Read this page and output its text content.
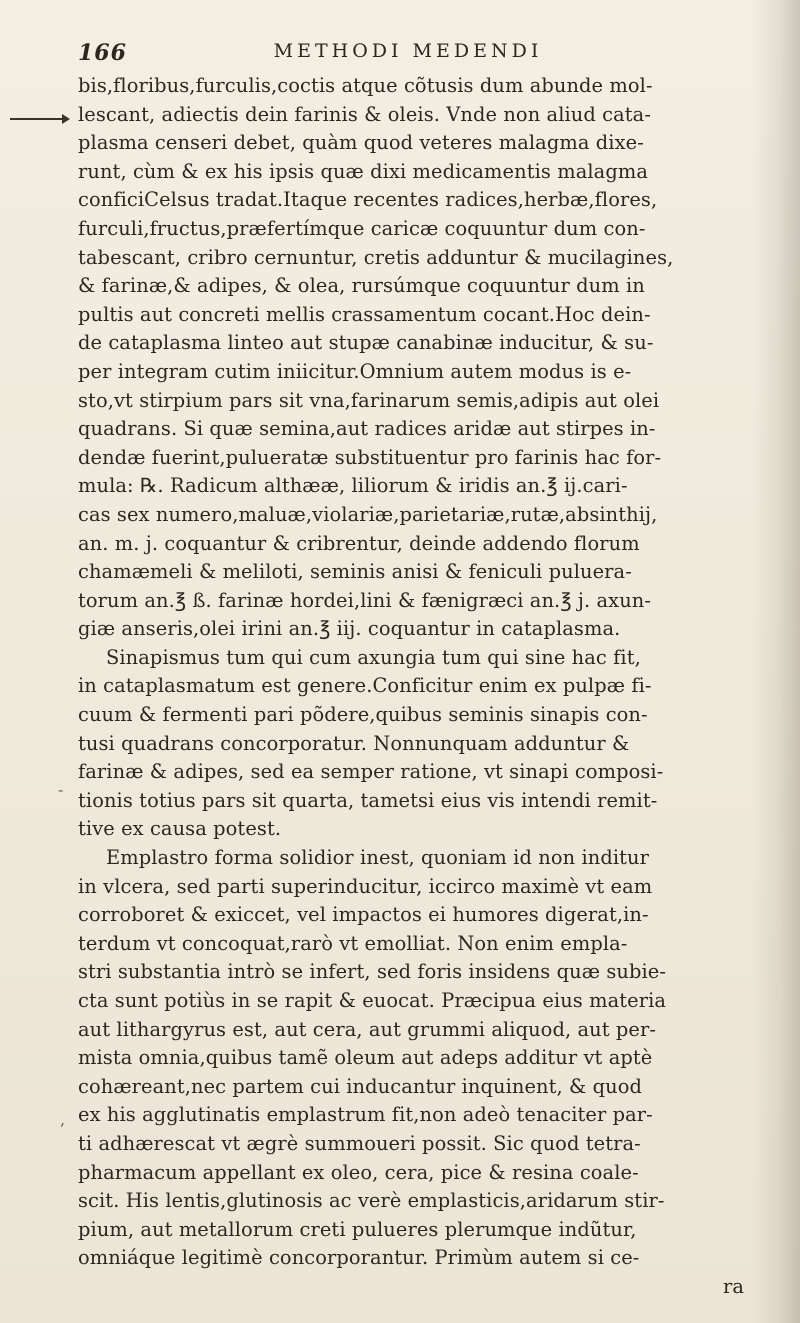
166	METHODI MEDENDI
-
,
bis,floribus,furculis,coctis atque cõtusis dum abunde mol-
lescant, adiectis dein farinis & oleis. Vnde non aliud cata-
plasma censeri debet, quàm quod veteres malagma dixe-
runt, cùm & ex his ipsis quæ dixi medicamentis malagma
conficiCelsus tradat.Itaque recentes radices,herbæ,flores,
furculi,fructus,præfertímque caricæ coquuntur dum con-
tabescant, cribro cernuntur, cretis adduntur & mucilagines,
& farinæ,& adipes, & olea, rursúmque coquuntur dum in
pultis aut concreti mellis crassamentum cocant.Hoc dein-
de cataplasma linteo aut stupæ canabinæ inducitur, & su-
per integram cutim iniicitur.Omnium autem modus is e-
sto,vt stirpium pars sit vna,farinarum semis,adipis aut olei
quadrans. Si quæ semina,aut radices aridæ aut stirpes in-
dendæ fuerint,pulueratæ substituentur pro farinis hac for-
mula: ℞. Radicum althææ, liliorum & iridis an.℥ ij.cari-
cas sex numero,maluæ,violariæ,parietariæ,rutæ,absinthij,
an. m. j. coquantur & cribrentur, deinde addendo florum
chamæmeli & meliloti, seminis anisi & feniculi puluera-
torum an.℥ ß. farinæ hordei,lini & fænigræci an.℥ j. axun-
giæ anseris,olei irini an.℥ iij. coquantur in cataplasma.
Sinapismus tum qui cum axungia tum qui sine hac fit,
in cataplasmatum est genere.Conficitur enim ex pulpæ fi-
cuum & fermenti pari põdere,quibus seminis sinapis con-
tusi quadrans concorporatur. Nonnunquam adduntur &
farinæ & adipes, sed ea semper ratione, vt sinapi composi-
tionis totius pars sit quarta, tametsi eius vis intendi remit-
tive ex causa potest.
Emplastro forma solidior inest, quoniam id non inditur
in vlcera, sed parti superinducitur, iccirco maximè vt eam
corroboret & exiccet, vel impactos ei humores digerat,in-
terdum vt concoquat,rarò vt emolliat. Non enim empla-
stri substantia intrò se infert, sed foris insidens quæ subie-
cta sunt potiùs in se rapit & euocat. Præcipua eius materia
aut lithargyrus est, aut cera, aut grummi aliquod, aut per-
mista omnia,quibus tamẽ oleum aut adeps additur vt aptè
cohæreant,nec partem cui inducantur inquinent, & quod
ex his agglutinatis emplastrum fit,non adeò tenaciter par-
ti adhærescat vt ægrè summoueri possit. Sic quod tetra-
pharmacum appellant ex oleo, cera, pice & resina coale-
scit. His lentis,glutinosis ac verè emplasticis,aridarum stir-
pium, aut metallorum creti pulueres plerumque indũtur,
omniáque legitimè concorporantur. Primùm autem si ce-
ra
